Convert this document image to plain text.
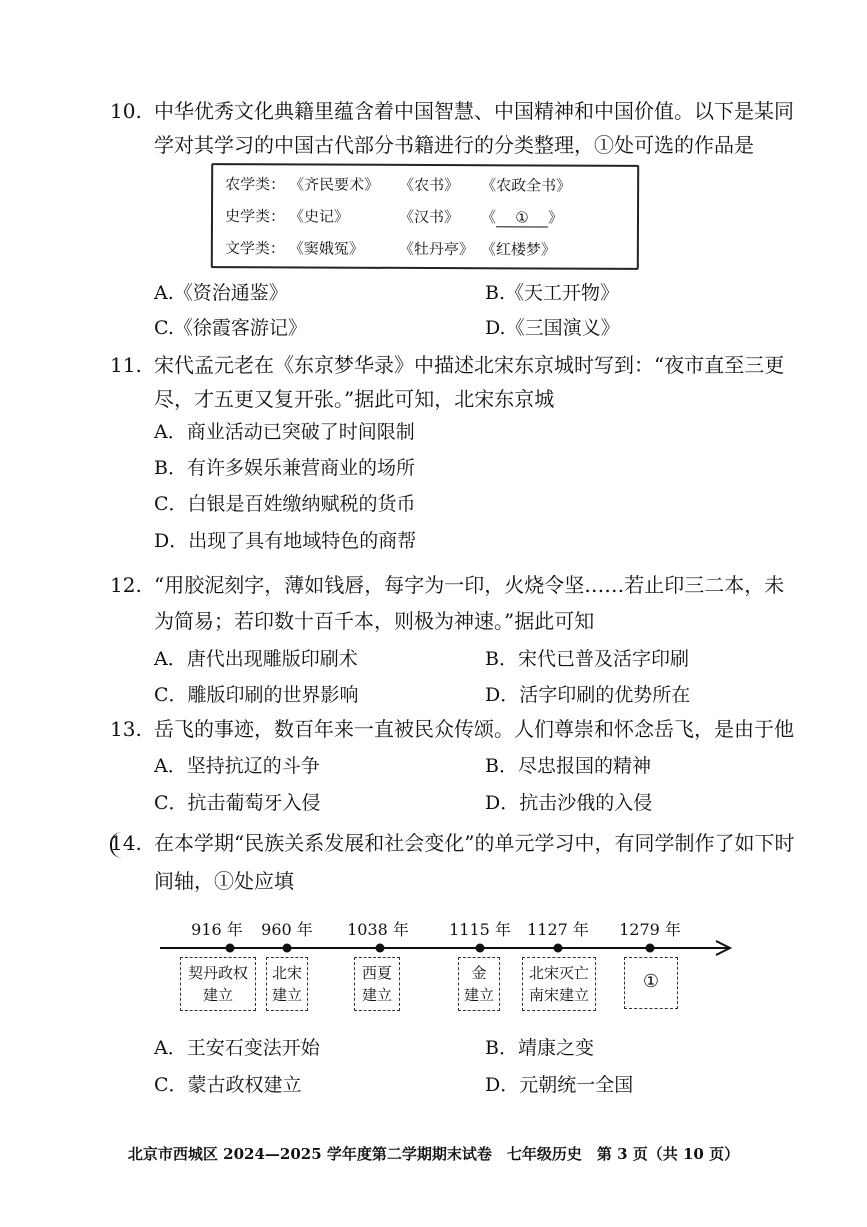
10. 中华优秀文化典籍里蕴含着中国智慧、中国精神和中国价值。以下是某同
学对其学习的中国古代部分书籍进行的分类整理，①处可选的作品是
农学类： 《齐民要术》 《农书》 《农政全书》
史学类： 《史记》	《汉书》 《 ① 》
文学类： 《窦娥冤》 《牡丹亭》 《红楼梦》
A.《资治通鉴》	B.《天工开物》
C.《徐霞客游记》	D.《三国演义》
11. 宋代孟元老在《东京梦华录》中描述北宋东京城时写到：“夜市直至三更
尽，才五更又复开张。”据此可知，北宋东京城
A．商业活动已突破了时间限制
B．有许多娱乐兼营商业的场所
C．白银是百姓缴纳赋税的货币
D．出现了具有地域特色的商帮
12. “用胶泥刻字，薄如钱唇，每字为一印，火烧令坚……若止印三二本，未
为简易；若印数十百千本，则极为神速。”据此可知
A．唐代出现雕版印刷术	B．宋代已普及活字印刷
C．雕版印刷的世界影响	D．活字印刷的优势所在
13. 岳飞的事迹，数百年来一直被民众传颂。人们尊崇和怀念岳飞，是由于他
A．坚持抗辽的斗争	B．尽忠报国的精神
C．抗击葡萄牙入侵	D．抗击沙俄的入侵
14. 在本学期“民族关系发展和社会变化”的单元学习中，有同学制作了如下时
间轴，①处应填
916 年 960 年 1038 年	1115 年 1127 年 1279 年
契丹政权
建立
北宋
建立
西夏
建立
金
建立
北宋灭亡
南宋建立
①
A．王安石变法开始	B．靖康之变
C．蒙古政权建立	D．元朝统一全国
北京市西城区 2024—2025 学年度第二学期期末试卷　七年级历史　第 3 页（共 10 页）
